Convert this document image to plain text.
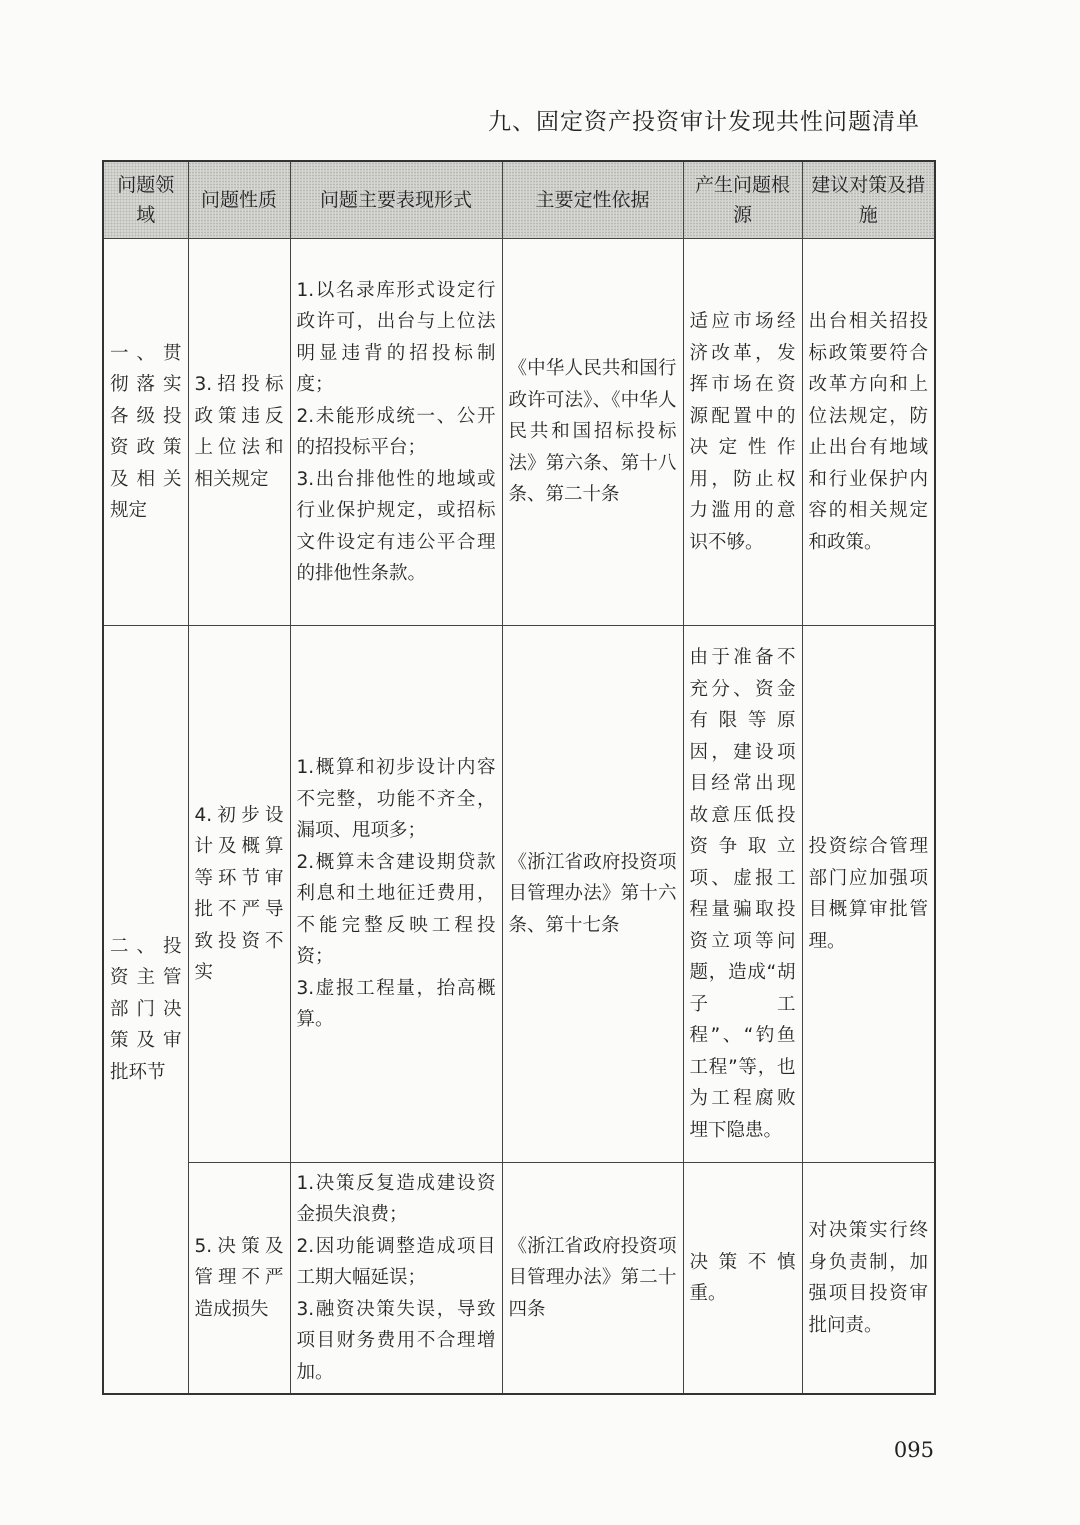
九、固定资产投资审计发现共性问题清单
问题领域	问题性质	问题主要表现形式	主要定性依据	产生问题根源	建议对策及措施
一、贯彻落实各级投资政策及相关规定	3.招投标政策违反上位法和相关规定	1.以名录库形式设定行政许可，出台与上位法明显违背的招投标制度；
2.未能形成统一、公开的招投标平台；
3.出台排他性的地域或行业保护规定，或招标文件设定有违公平合理的排他性条款。	《中华人民共和国行政许可法》、《中华人民共和国招标投标法》第六条、第十八条、第二十条	适应市场经济改革，发挥市场在资源配置中的决定性作用，防止权力滥用的意识不够。	出台相关招投标政策要符合改革方向和上位法规定，防止出台有地域和行业保护内容的相关规定和政策。
二、投资主管部门决策及审批环节	4.初步设计及概算等环节审批不严导致投资不实	1.概算和初步设计内容不完整，功能不齐全，漏项、甩项多；
2.概算未含建设期贷款利息和土地征迁费用，不能完整反映工程投资；
3.虚报工程量，抬高概算。	《浙江省政府投资项目管理办法》第十六条、第十七条	由于准备不充分、资金有限等原因，建设项目经常出现故意压低投资争取立项、虚报工程量骗取投资立项等问题，造成“胡子工程”、“钓鱼工程”等，也为工程腐败埋下隐患。	投资综合管理部门应加强项目概算审批管理。
	5.决策及管理不严造成损失	1.决策反复造成建设资金损失浪费；
2.因功能调整造成项目工期大幅延误；
3.融资决策失误，导致项目财务费用不合理增加。	《浙江省政府投资项目管理办法》第二十四条	决策不慎重。	对决策实行终身负责制，加强项目投资审批问责。
095
